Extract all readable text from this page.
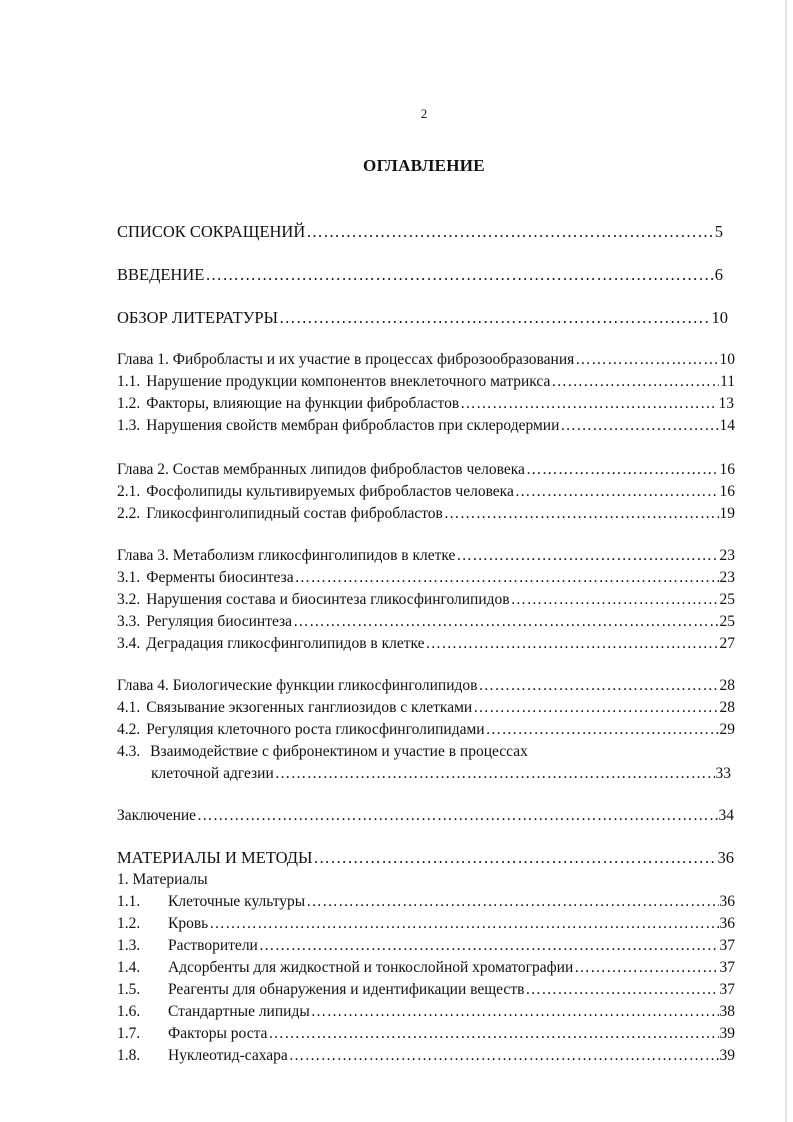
2
ОГЛАВЛЕНИЕ
СПИСОК СОКРАЩЕНИЙ …………………………………………………………………………………………………………………………………………………………………………	5
ВВЕДЕНИЕ …………………………………………………………………………………………………………………………………………………………………………	6
ОБЗОР ЛИТЕРАТУРЫ …………………………………………………………………………………………………………………………………………………………………………	10
Глава 1. Фибробласты и их участие в процессах фиброзообразования …………………………………………………………………………………………………………………………………………………………………………	10
1.1. Нарушение продукции компонентов внеклеточного матрикса …………………………………………………………………………………………………………………………………………………………………………	11
1.2. Факторы, влияющие на функции фибробластов …………………………………………………………………………………………………………………………………………………………………………	13
1.3. Нарушения свойств мембран фибробластов при склеродермии …………………………………………………………………………………………………………………………………………………………………………	14
Глава 2. Состав мембранных липидов фибробластов человека …………………………………………………………………………………………………………………………………………………………………………	16
2.1. Фосфолипиды культивируемых фибробластов человека …………………………………………………………………………………………………………………………………………………………………………	16
2.2. Гликосфинголипидный состав фибробластов …………………………………………………………………………………………………………………………………………………………………………	19
Глава 3. Метаболизм гликосфинголипидов в клетке …………………………………………………………………………………………………………………………………………………………………………	23
3.1. Ферменты биосинтеза …………………………………………………………………………………………………………………………………………………………………………	23
3.2. Нарушения состава и биосинтеза гликосфинголипидов …………………………………………………………………………………………………………………………………………………………………………	25
3.3. Регуляция биосинтеза …………………………………………………………………………………………………………………………………………………………………………	25
3.4. Деградация гликосфинголипидов в клетке …………………………………………………………………………………………………………………………………………………………………………	27
Глава 4. Биологические функции гликосфинголипидов …………………………………………………………………………………………………………………………………………………………………………	28
4.1. Связывание экзогенных ганглиозидов с клетками …………………………………………………………………………………………………………………………………………………………………………	28
4.2. Регуляция клеточного роста гликосфинголипидами …………………………………………………………………………………………………………………………………………………………………………	29
4.3. Взаимодействие с фибронектином и участие в процессах
клеточной адгезии …………………………………………………………………………………………………………………………………………………………………………	33
Заключение …………………………………………………………………………………………………………………………………………………………………………	34
МАТЕРИАЛЫ И МЕТОДЫ …………………………………………………………………………………………………………………………………………………………………………	36
1. Материалы
1.1.	Клеточные культуры …………………………………………………………………………………………………………………………………………………………………………	36
1.2.	Кровь …………………………………………………………………………………………………………………………………………………………………………	36
1.3.	Растворители …………………………………………………………………………………………………………………………………………………………………………	37
1.4.	Адсорбенты для жидкостной и тонкослойной хроматографии …………………………………………………………………………………………………………………………………………………………………………	37
1.5.	Реагенты для обнаружения и идентификации веществ …………………………………………………………………………………………………………………………………………………………………………	37
1.6.	Стандартные липиды …………………………………………………………………………………………………………………………………………………………………………	38
1.7.	Факторы роста …………………………………………………………………………………………………………………………………………………………………………	39
1.8.	Нуклеотид-сахара …………………………………………………………………………………………………………………………………………………………………………	39
